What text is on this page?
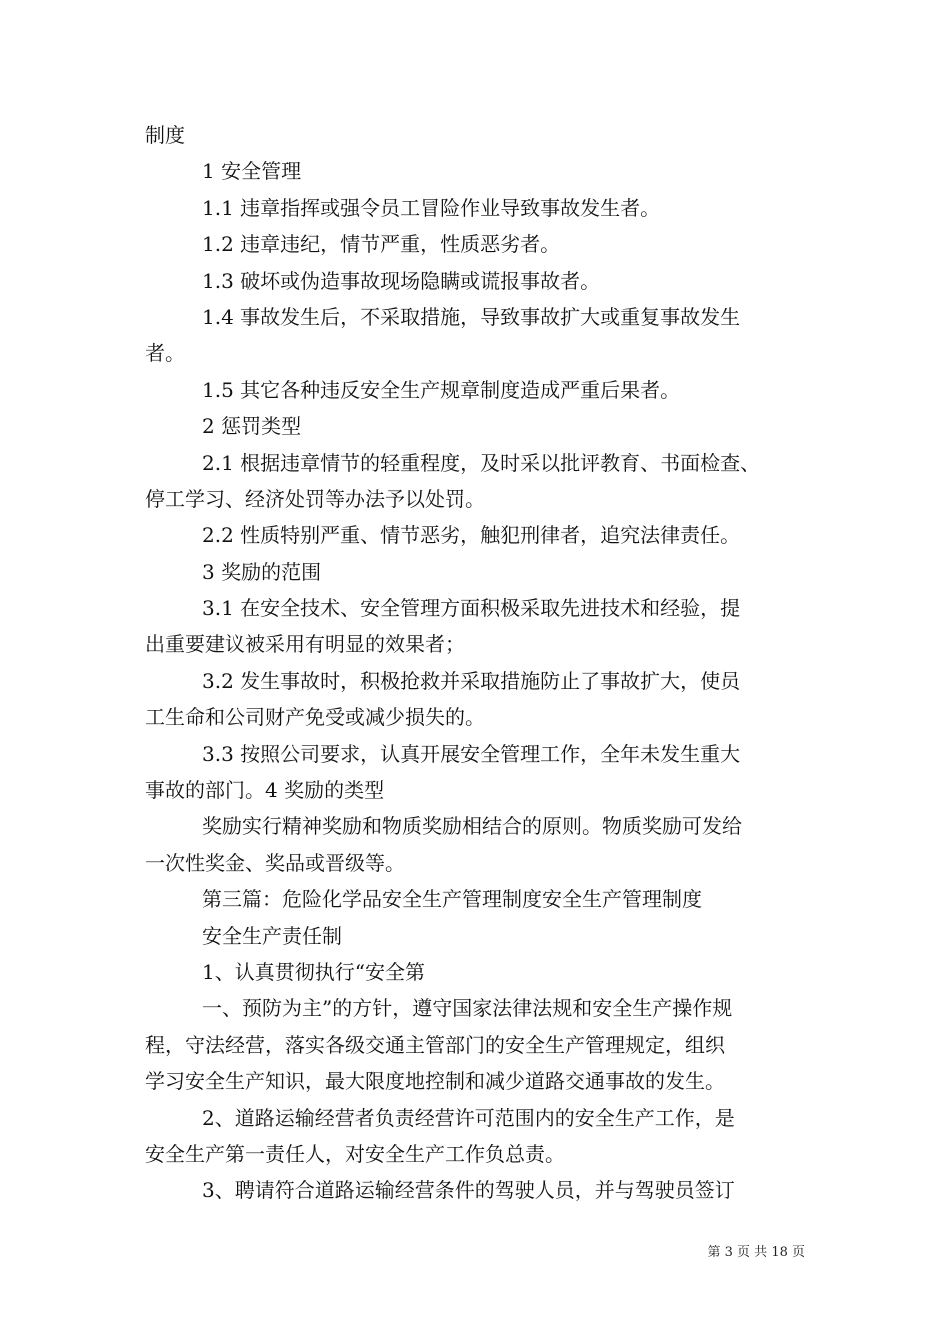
制度
1 安全管理
1.1 违章指挥或强令员工冒险作业导致事故发生者。
1.2 违章违纪，情节严重，性质恶劣者。
1.3 破坏或伪造事故现场隐瞒或谎报事故者。
1.4 事故发生后，不采取措施，导致事故扩大或重复事故发生
者。
1.5 其它各种违反安全生产规章制度造成严重后果者。
2 惩罚类型
2.1 根据违章情节的轻重程度，及时采以批评教育、书面检查、
停工学习、经济处罚等办法予以处罚。
2.2 性质特别严重、情节恶劣，触犯刑律者，追究法律责任。
3 奖励的范围
3.1 在安全技术、安全管理方面积极采取先进技术和经验，提
出重要建议被采用有明显的效果者；
3.2 发生事故时，积极抢救并采取措施防止了事故扩大，使员
工生命和公司财产免受或减少损失的。
3.3 按照公司要求，认真开展安全管理工作，全年未发生重大
事故的部门。4 奖励的类型
奖励实行精神奖励和物质奖励相结合的原则。物质奖励可发给
一次性奖金、奖品或晋级等。
第三篇：危险化学品安全生产管理制度安全生产管理制度
安全生产责任制
1、认真贯彻执行“安全第
一、预防为主”的方针，遵守国家法律法规和安全生产操作规
程，守法经营，落实各级交通主管部门的安全生产管理规定，组织
学习安全生产知识，最大限度地控制和减少道路交通事故的发生。
2、道路运输经营者负责经营许可范围内的安全生产工作，是
安全生产第一责任人，对安全生产工作负总责。
3、聘请符合道路运输经营条件的驾驶人员，并与驾驶员签订
第 3 页 共 18 页
